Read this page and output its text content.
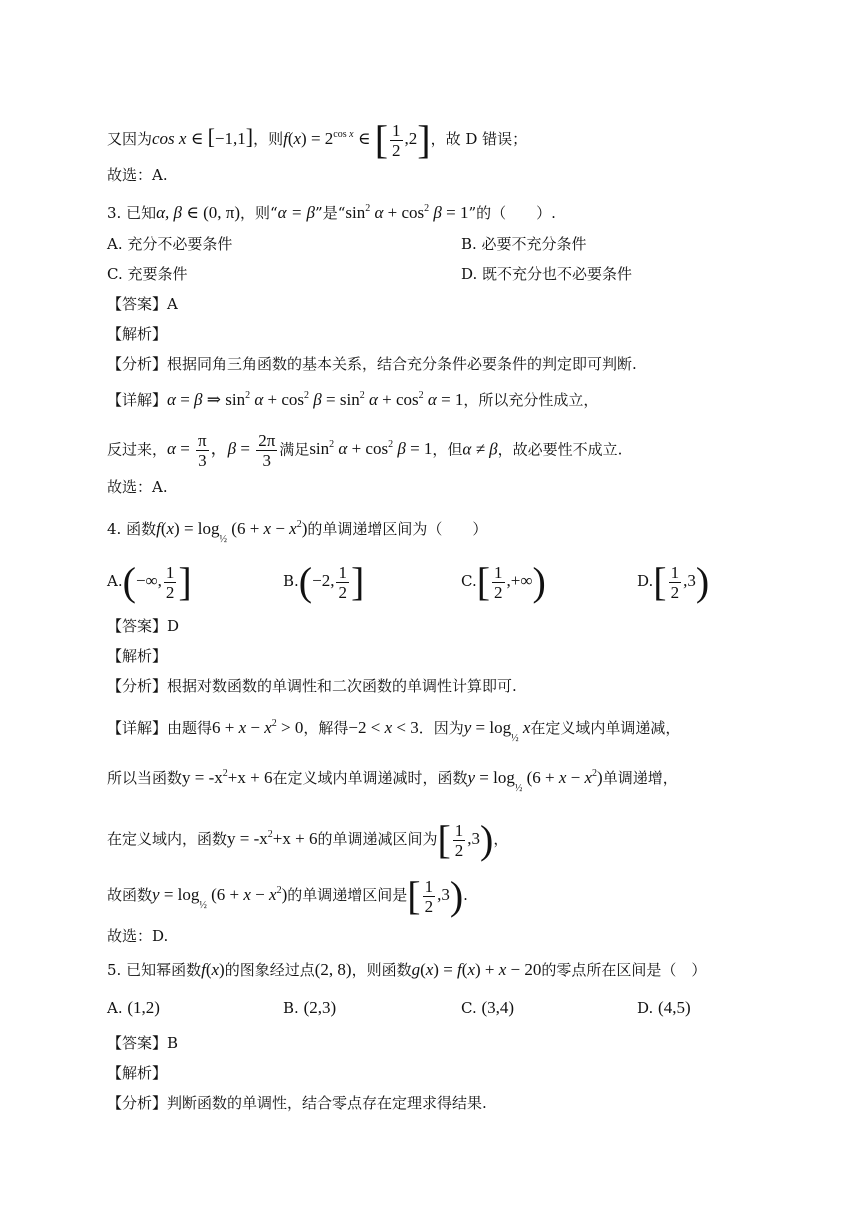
又因为cos x ∈ [−1,1]，则$f(x) = 2^{cos x}$ ∈ [ $\frac{1}{2} ,2$]，故 D 错误；
故选：A.
3. 已知α, β ∈ (0, π)，则“α = β”是“$\sin^2$ $\alpha + \cos^2 \beta = 1$”的（　　）.
A. 充分不必要条件	B. 必要不充分条件
C. 充要条件	D. 既不充分也不必要条件
【答案】A
【解析】
【分析】根据同角三角函数的基本关系，结合充分条件必要条件的判定即可判断.
【详解】α = β ⇒ $\sin^2 \alpha + \cos^2 \beta = \sin^2 \alpha + \cos^2 \alpha = 1$，所以充分性成立，
反过来，$\alpha = \frac{\pi}{3}$ ，$\beta = \frac{2\pi}{3}$ 满足$\sin^2 \alpha + \cos^2 \beta = 1$，但α ≠ β，故必要性不成立.
故选：A.
4. 函数$f(x) = \log_{\frac{1}{2}} (6 + x - x^2)$的单调递增区间为（　　）
A.(−∞, $\frac{1}{2}$ ]	B.(−2, $\frac{1}{2}$ ]	$C.[ \frac{1}{2}$ ,+∞)	$D.[ \frac{1}{2} ,3)$
【答案】D
【解析】
【分析】根据对数函数的单调性和二次函数的单调性计算即可.
【详解】由题得$6 + x - x^2 > 0$，解得−2 < x < 3．因为$y = \log_{\frac{1}{2}} x$在定义域内单调递减，
所以当函数$y = -x^2+x + 6$在定义域内单调递减时，函数$y = \log_{\frac{1}{2}} (6 + x - x^2)$单调递增，
在定义域内，函数$y = -x^2+x + 6$的单调递减区间为[ $\frac{1}{2} ,3$)，
故函数$y = \log_{\frac{1}{2}} (6 + x - x^2)$的单调递增区间是[ $\frac{1}{2} ,3$).
故选：D.
5. 已知幂函数f(x)的图象经过点(2, 8)，则函数g(x) = f(x) + x − 20的零点所在区间是（　）
A. (1,2)	B. (2,3)	C. (3,4)	D. (4,5)
【答案】B
【解析】
【分析】判断函数的单调性，结合零点存在定理求得结果.
